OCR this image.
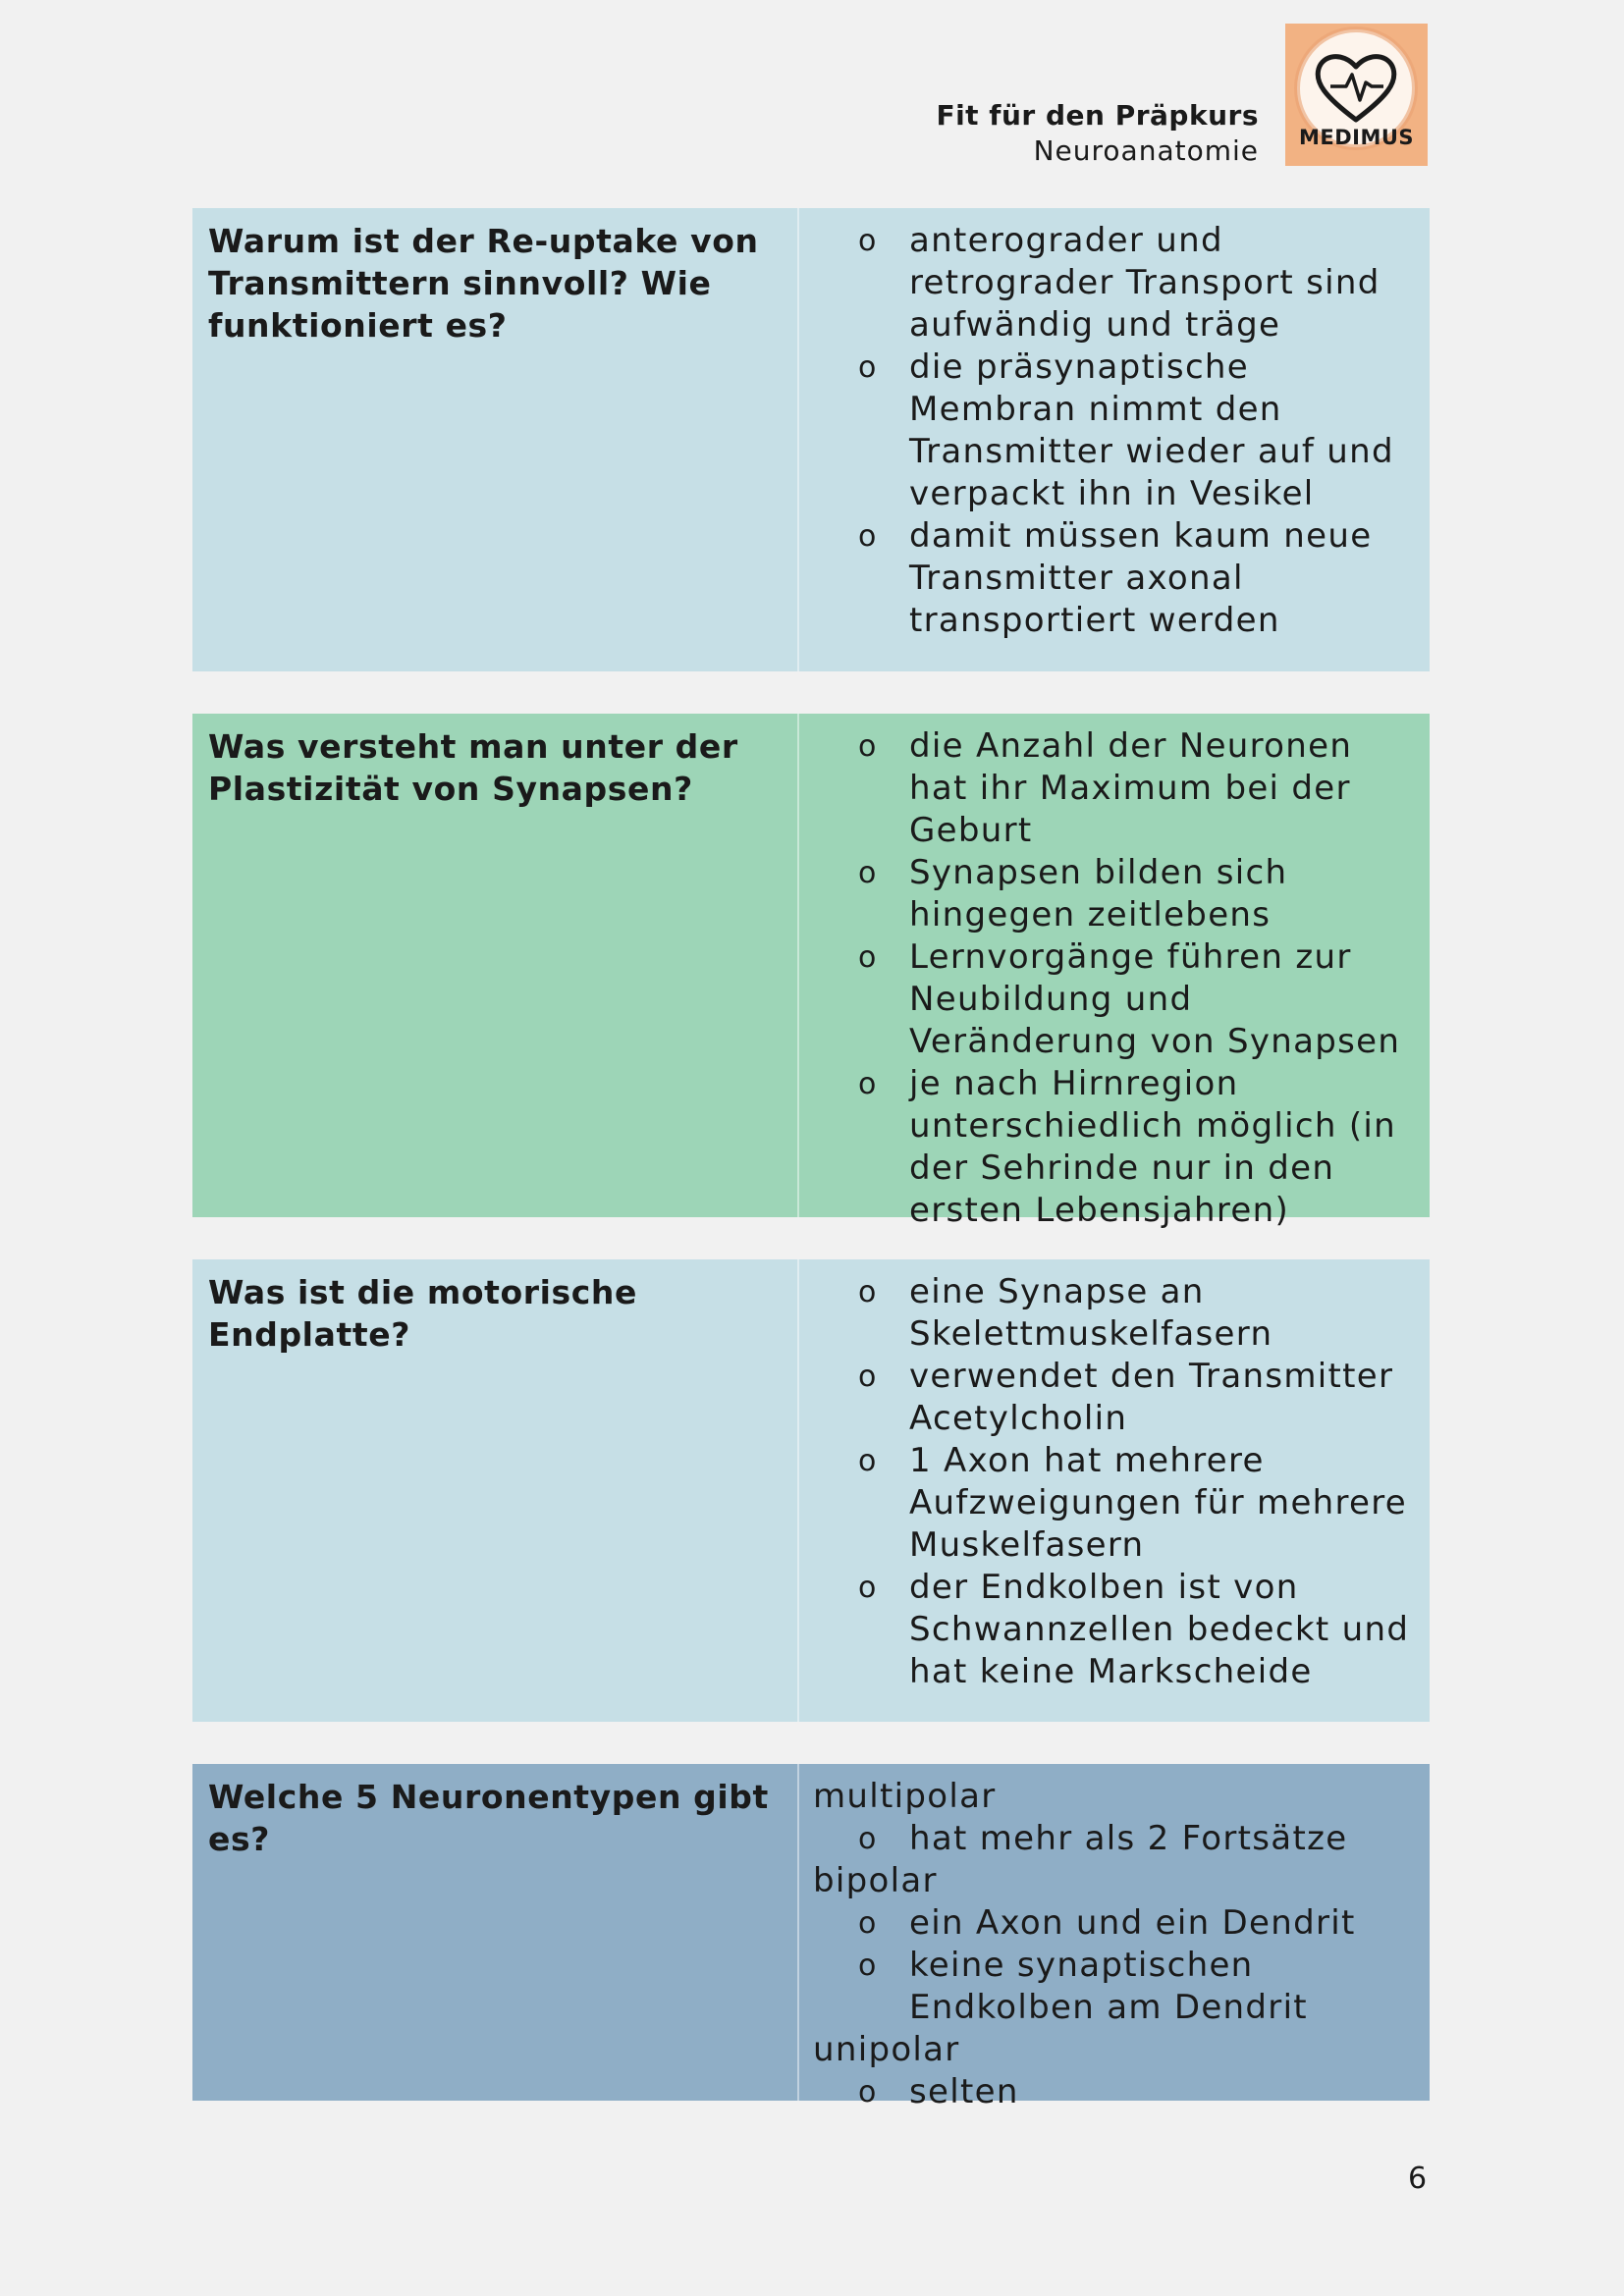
Fit für den Präpkurs
Neuroanatomie	MEDIMUS
Warum ist der Re-uptake von Transmittern sinnvoll? Wie funktioniert es?
o anterograder und retrograder Transport sind aufwändig und träge
o die präsynaptische Membran nimmt den Transmitter wieder auf und verpackt ihn in Vesikel
o damit müssen kaum neue Transmitter axonal transportiert werden
Was versteht man unter der Plastizität von Synapsen?
o die Anzahl der Neuronen hat ihr Maximum bei der Geburt
o Synapsen bilden sich hingegen zeitlebens
o Lernvorgänge führen zur Neubildung und Veränderung von Synapsen
o je nach Hirnregion unterschiedlich möglich (in der Sehrinde nur in den ersten Lebensjahren)
Was ist die motorische Endplatte?
o eine Synapse an Skelettmuskelfasern
o verwendet den Transmitter Acetylcholin
o 1 Axon hat mehrere Aufzweigungen für mehrere Muskelfasern
o der Endkolben ist von Schwannzellen bedeckt und hat keine Markscheide
Welche 5 Neuronentypen gibt es?
multipolar
o hat mehr als 2 Fortsätze
bipolar
o ein Axon und ein Dendrit
o keine synaptischen Endkolben am Dendrit
unipolar
o selten
6
